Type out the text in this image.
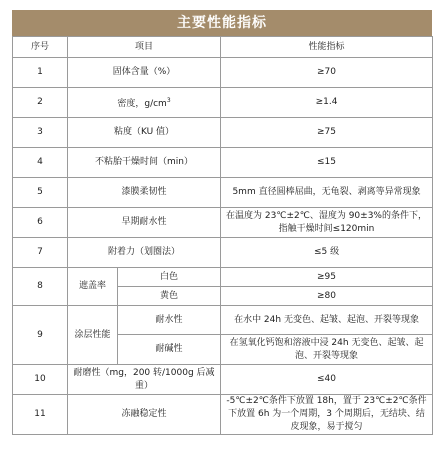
主要性能指标
序号	项目		性能指标
1	固体含量（%）		≥70
2	密度，$g/cm^3$		≥1.4
3	粘度（KU 值）		≥75
4	不粘胎干燥时间（min）		≤15
5	漆膜柔韧性		5mm 直径圆棒屈曲，无龟裂、剥离等异常现象
6	早期耐水性		在温度为 23℃±2℃、湿度为 90±3%的条件下，指触干燥时间≤120min
7	附着力（划圈法）		≤5 级
8	遮盖率	白色	≥95
		黄色	≥80
9	涂层性能	耐水性	在水中 24h 无变色、起皱、起泡、开裂等现象
		耐碱性	在氢氧化钙饱和溶液中浸 24h 无变色、起皱、起泡、开裂等现象
10	耐磨性（mg，200 转/1000g 后减重）		≤40
11	冻融稳定性		-5℃±2℃条件下放置 18h，置于 23℃±2℃条件下放置 6h 为一个周期，3 个周期后，无结块、结皮现象，易于搅匀
